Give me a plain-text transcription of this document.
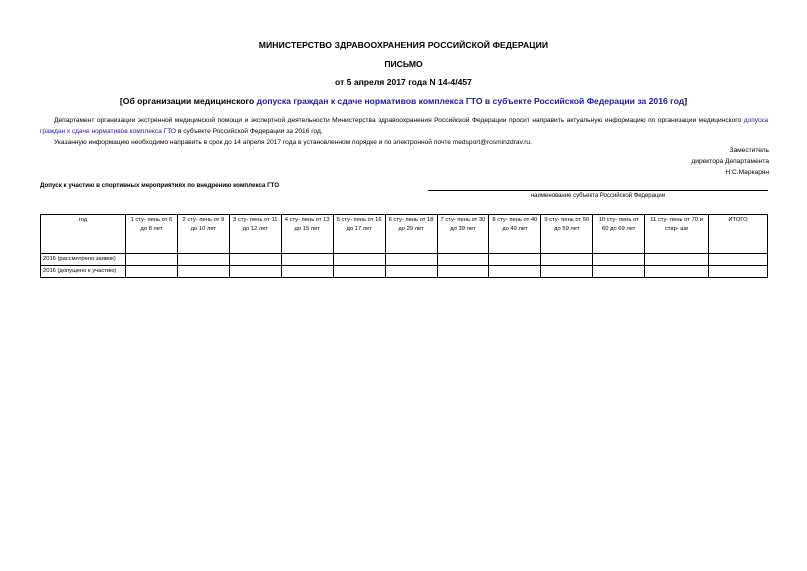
МИНИСТЕРСТВО ЗДРАВООХРАНЕНИЯ РОССИЙСКОЙ ФЕДЕРАЦИИ
ПИСЬМО
от 5 апреля 2017 года N 14-4/457
[Об организации медицинского допуска граждан к сдаче нормативов комплекса ГТО в субъекте Российской Федерации за 2016 год]
Департамент организации экстренной медицинской помощи и экспертной деятельности Министерства здравоохранения Российской Федерации просит направить актуальную информацию по организации медицинского допуска граждан к сдаче нормативов комплекса ГТО в субъекте Российской Федерации за 2016 год.
Указанную информацию необходимо направить в срок до 14 апреля 2017 года в установленном порядке и по электронной почте medsport@rosminzdrav.ru.
Заместитель
директора Департамента
Н.С.Маркарян
Допуск к участию в спортивных мероприятиях по внедрению комплекса ГТО
наименование субъекта Российской Федерации
год	1 сту- пень от 6 до 8 лет	2 сту- пень от 9 до 10 лет	3 сту- пень от 11 до 12 лет	4 сту- пень от 13 до 15 лет	5 сту- пень от 16 до 17 лет	6 сту- пень от 18 до 29 лет	7 сту- пень от 30 до 39 лет	8 сту- пень от 40 до 49 лет	9 сту- пень от 50 до 59 лет	10 сту- пень от 60 до 69 лет	11 сту- пень от 70 и стар- ше	ИТОГО
2016 (рассмотрено заявок)												
2016 (допущено к участию)												
